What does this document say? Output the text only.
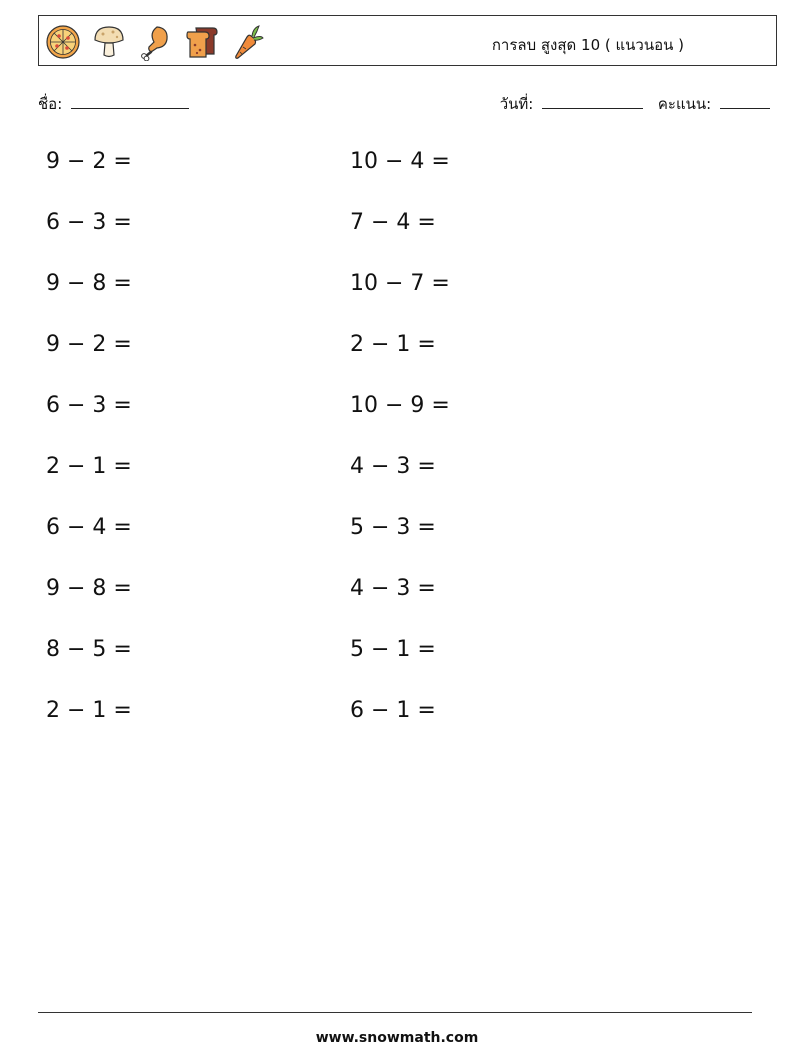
การลบ สูงสุด 10 ( แนวนอน )
ชื่อ:	วันที่:	คะแนน:
9 − 2 =	10 − 4 =
6 − 3 =	7 − 4 =
9 − 8 =	10 − 7 =
9 − 2 =	2 − 1 =
6 − 3 =	10 − 9 =
2 − 1 =	4 − 3 =
6 − 4 =	5 − 3 =
9 − 8 =	4 − 3 =
8 − 5 =	5 − 1 =
2 − 1 =	6 − 1 =
www.snowmath.com
